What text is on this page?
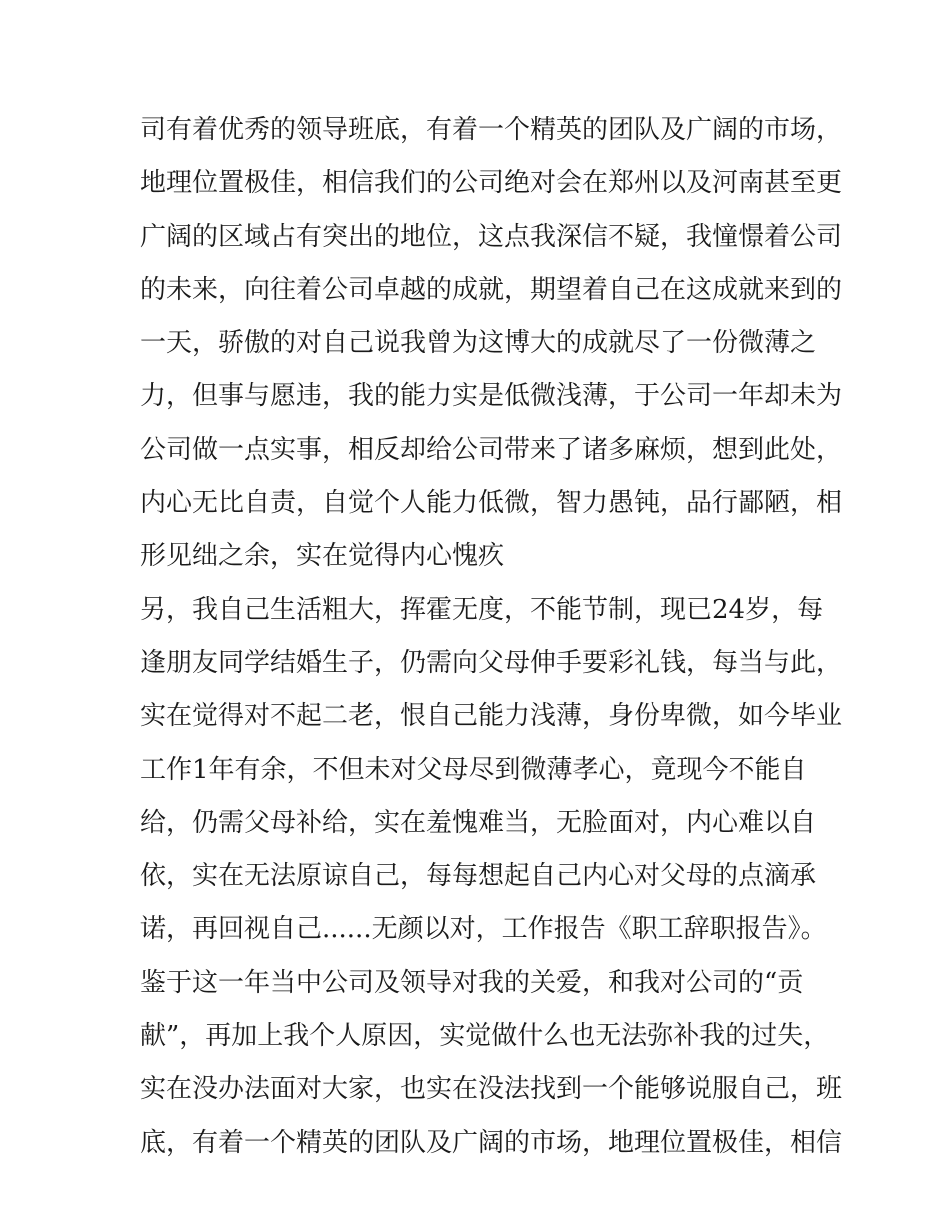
司有着优秀的领导班底，有着一个精英的团队及广阔的市场，
地理位置极佳，相信我们的公司绝对会在郑州以及河南甚至更
广阔的区域占有突出的地位，这点我深信不疑，我憧憬着公司
的未来，向往着公司卓越的成就，期望着自己在这成就来到的
一天，骄傲的对自己说我曾为这博大的成就尽了一份微薄之
力，但事与愿违，我的能力实是低微浅薄，于公司一年却未为
公司做一点实事，相反却给公司带来了诸多麻烦，想到此处，
内心无比自责，自觉个人能力低微，智力愚钝，品行鄙陋，相
形见绌之余，实在觉得内心愧疚
另，我自己生活粗大，挥霍无度，不能节制，现已24岁，每
逢朋友同学结婚生子，仍需向父母伸手要彩礼钱，每当与此，
实在觉得对不起二老，恨自己能力浅薄，身份卑微，如今毕业
工作1年有余，不但未对父母尽到微薄孝心，竟现今不能自
给，仍需父母补给，实在羞愧难当，无脸面对，内心难以自
依，实在无法原谅自己，每每想起自己内心对父母的点滴承
诺，再回视自己......无颜以对，工作报告《职工辞职报告》。
鉴于这一年当中公司及领导对我的关爱，和我对公司的“贡
献”，再加上我个人原因，实觉做什么也无法弥补我的过失，
实在没办法面对大家，也实在没法找到一个能够说服自己，班
底，有着一个精英的团队及广阔的市场，地理位置极佳，相信
